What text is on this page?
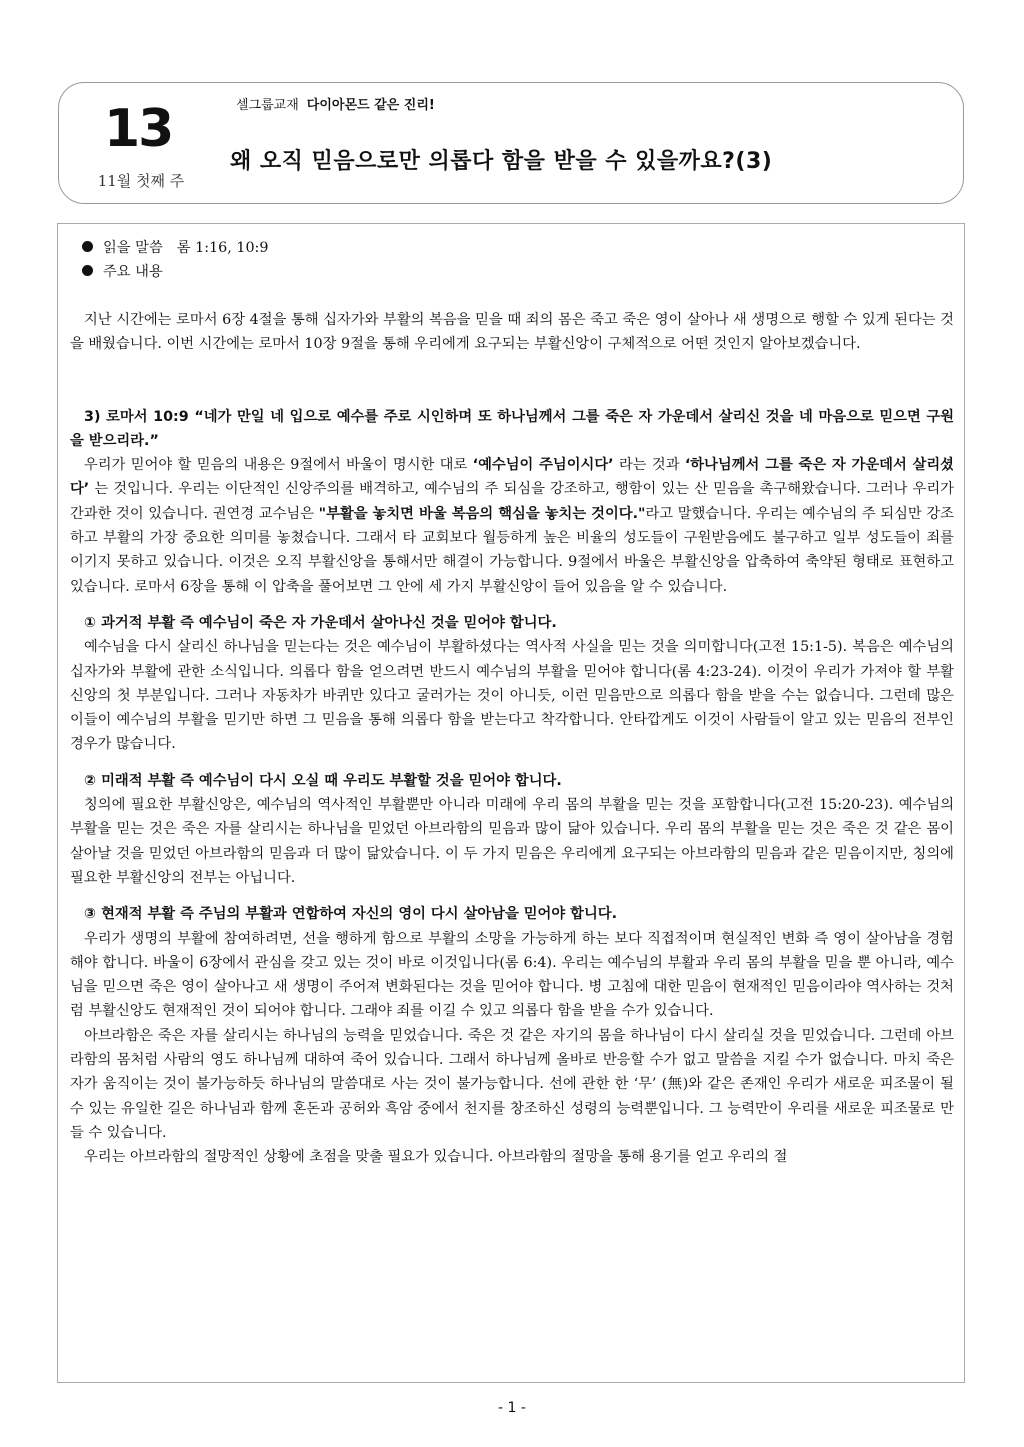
13
11월 첫째 주
셀그룹교재 다이아몬드 같은 진리!
왜 오직 믿음으로만 의롭다 함을 받을 수 있을까요?(3)
읽을 말씀 롬 1:16, 10:9
주요 내용

지난 시간에는 로마서 6장 4절을 통해 십자가와 부활의 복음을 믿을 때 죄의 몸은 죽고 죽은 영이 살아나 새 생명으로 행할 수 있게 된다는 것을 배웠습니다. 이번 시간에는 로마서 10장 9절을 통해 우리에게 요구되는 부활신앙이 구체적으로 어떤 것인지 알아보겠습니다.

3) 로마서 10:9 “네가 만일 네 입으로 예수를 주로 시인하며 또 하나님께서 그를 죽은 자 가운데서 살리신 것을 네 마음으로 믿으면 구원을 받으리라.”

우리가 믿어야 할 믿음의 내용은 9절에서 바울이 명시한 대로 ‘예수님이 주님이시다’ 라는 것과 ‘하나님께서 그를 죽은 자 가운데서 살리셨다’ 는 것입니다. 우리는 이단적인 신앙주의를 배격하고, 예수님의 주 되심을 강조하고, 행함이 있는 산 믿음을 촉구해왔습니다. 그러나 우리가 간과한 것이 있습니다. 권연경 교수님은 "부활을 놓치면 바울 복음의 핵심을 놓치는 것이다."라고 말했습니다. 우리는 예수님의 주 되심만 강조하고 부활의 가장 중요한 의미를 놓쳤습니다. 그래서 타 교회보다 월등하게 높은 비율의 성도들이 구원받음에도 불구하고 일부 성도들이 죄를 이기지 못하고 있습니다. 이것은 오직 부활신앙을 통해서만 해결이 가능합니다. 9절에서 바울은 부활신앙을 압축하여 축약된 형태로 표현하고 있습니다. 로마서 6장을 통해 이 압축을 풀어보면 그 안에 세 가지 부활신앙이 들어 있음을 알 수 있습니다.

① 과거적 부활 즉 예수님이 죽은 자 가운데서 살아나신 것을 믿어야 합니다.

예수님을 다시 살리신 하나님을 믿는다는 것은 예수님이 부활하셨다는 역사적 사실을 믿는 것을 의미합니다(고전 15:1-5). 복음은 예수님의 십자가와 부활에 관한 소식입니다. 의롭다 함을 얻으려면 반드시 예수님의 부활을 믿어야 합니다(롬 4:23-24). 이것이 우리가 가져야 할 부활신앙의 첫 부분입니다. 그러나 자동차가 바퀴만 있다고 굴러가는 것이 아니듯, 이런 믿음만으로 의롭다 함을 받을 수는 없습니다. 그런데 많은 이들이 예수님의 부활을 믿기만 하면 그 믿음을 통해 의롭다 함을 받는다고 착각합니다. 안타깝게도 이것이 사람들이 알고 있는 믿음의 전부인 경우가 많습니다.

② 미래적 부활 즉 예수님이 다시 오실 때 우리도 부활할 것을 믿어야 합니다.

칭의에 필요한 부활신앙은, 예수님의 역사적인 부활뿐만 아니라 미래에 우리 몸의 부활을 믿는 것을 포함합니다(고전 15:20-23). 예수님의 부활을 믿는 것은 죽은 자를 살리시는 하나님을 믿었던 아브라함의 믿음과 많이 닮아 있습니다. 우리 몸의 부활을 믿는 것은 죽은 것 같은 몸이 살아날 것을 믿었던 아브라함의 믿음과 더 많이 닮았습니다. 이 두 가지 믿음은 우리에게 요구되는 아브라함의 믿음과 같은 믿음이지만, 칭의에 필요한 부활신앙의 전부는 아닙니다.

③ 현재적 부활 즉 주님의 부활과 연합하여 자신의 영이 다시 살아남을 믿어야 합니다.

우리가 생명의 부활에 참여하려면, 선을 행하게 함으로 부활의 소망을 가능하게 하는 보다 직접적이며 현실적인 변화 즉 영이 살아남을 경험해야 합니다. 바울이 6장에서 관심을 갖고 있는 것이 바로 이것입니다(롬 6:4). 우리는 예수님의 부활과 우리 몸의 부활을 믿을 뿐 아니라, 예수님을 믿으면 죽은 영이 살아나고 새 생명이 주어져 변화된다는 것을 믿어야 합니다. 병 고침에 대한 믿음이 현재적인 믿음이라야 역사하는 것처럼 부활신앙도 현재적인 것이 되어야 합니다. 그래야 죄를 이길 수 있고 의롭다 함을 받을 수가 있습니다.

아브라함은 죽은 자를 살리시는 하나님의 능력을 믿었습니다. 죽은 것 같은 자기의 몸을 하나님이 다시 살리실 것을 믿었습니다. 그런데 아브라함의 몸처럼 사람의 영도 하나님께 대하여 죽어 있습니다. 그래서 하나님께 올바로 반응할 수가 없고 말씀을 지킬 수가 없습니다. 마치 죽은 자가 움직이는 것이 불가능하듯 하나님의 말씀대로 사는 것이 불가능합니다. 선에 관한 한 ‘무’ (無)와 같은 존재인 우리가 새로운 피조물이 될 수 있는 유일한 길은 하나님과 함께 혼돈과 공허와 흑암 중에서 천지를 창조하신 성령의 능력뿐입니다. 그 능력만이 우리를 새로운 피조물로 만들 수 있습니다.

우리는 아브라함의 절망적인 상황에 초점을 맞출 필요가 있습니다. 아브라함의 절망을 통해 용기를 얻고 우리의 절

- 1 -
